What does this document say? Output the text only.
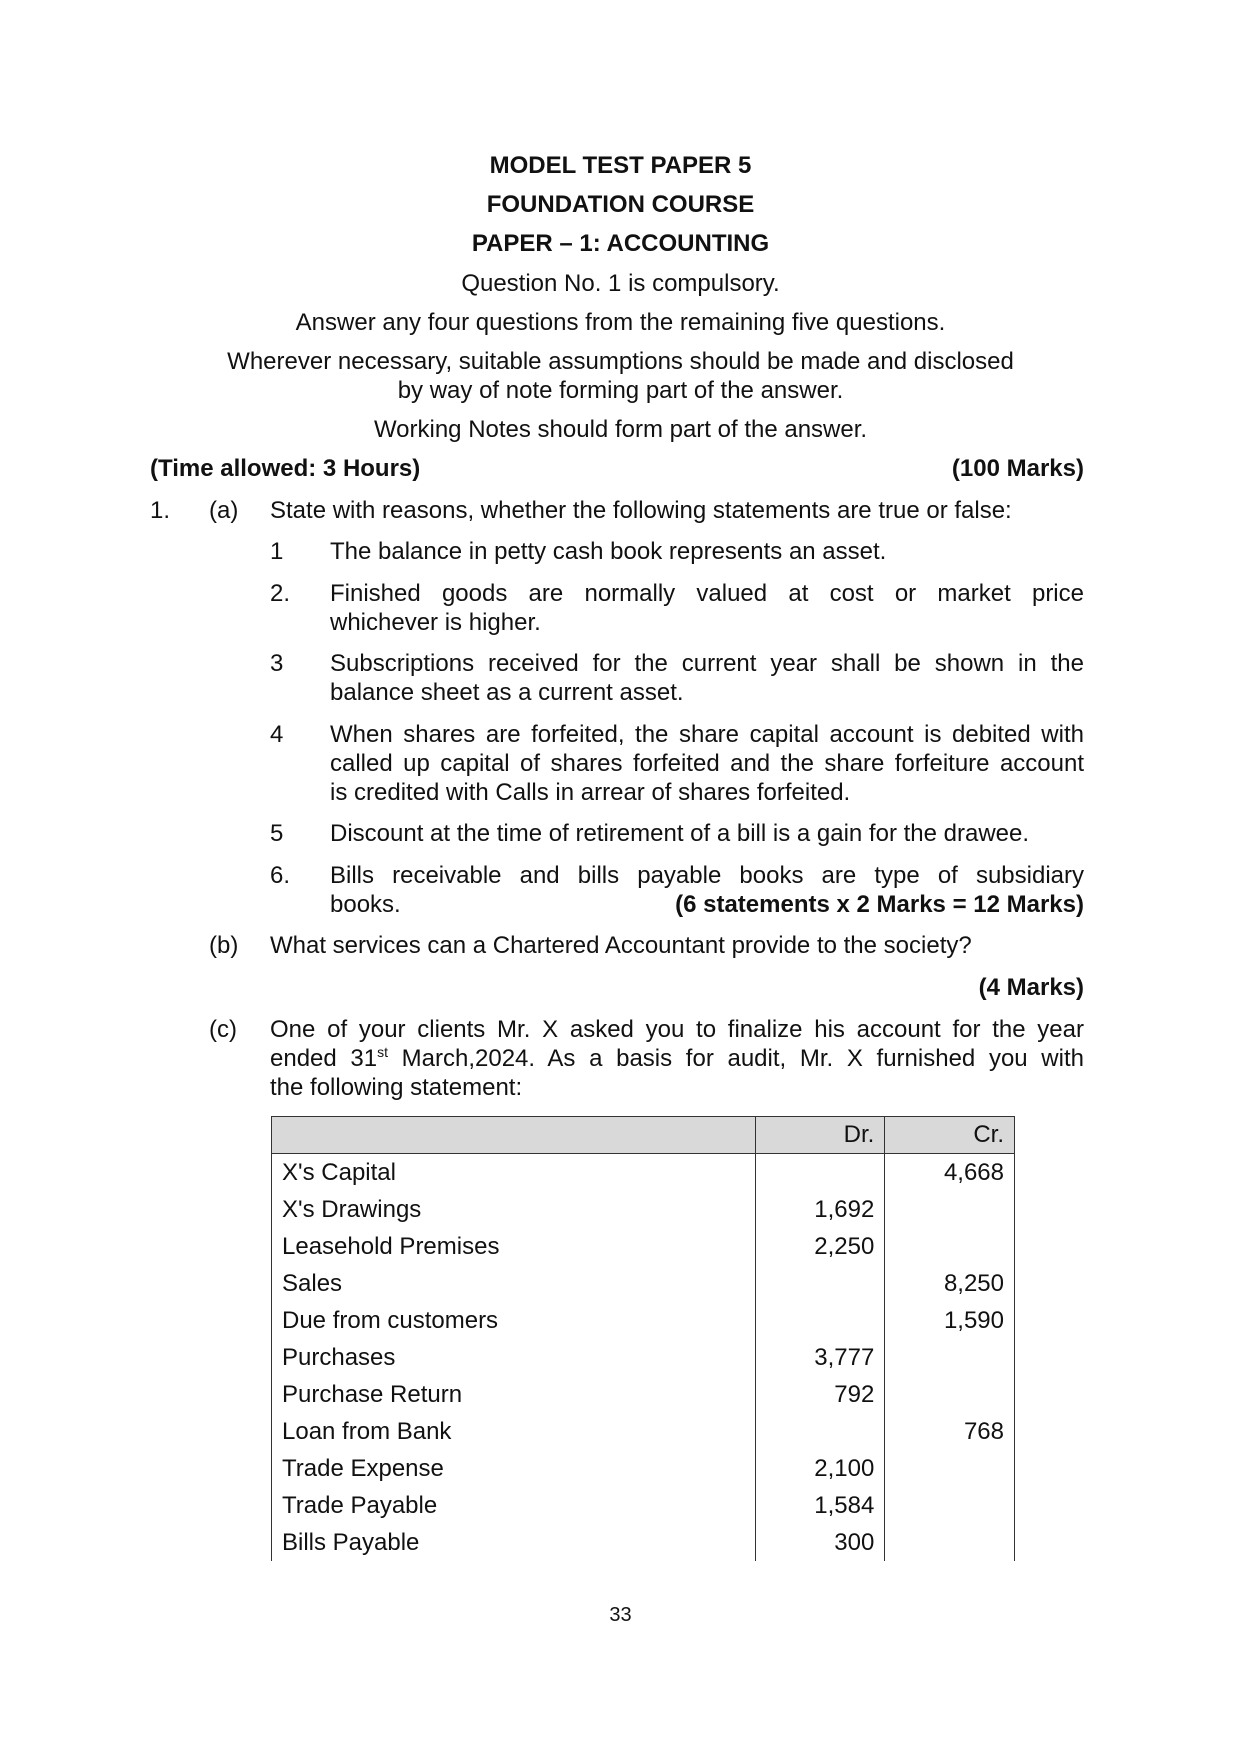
MODEL TEST PAPER 5
FOUNDATION COURSE
PAPER – 1: ACCOUNTING
Question No. 1 is compulsory.
Answer any four questions from the remaining five questions.
Wherever necessary, suitable assumptions should be made and disclosed
by way of note forming part of the answer.
Working Notes should form part of the answer.
(Time allowed: 3 Hours)	(100 Marks)
1. (a) State with reasons, whether the following statements are true or false:
1 The balance in petty cash book represents an asset.
2. Finished goods are normally valued at cost or market price
whichever is higher.
3 Subscriptions received for the current year shall be shown in the
balance sheet as a current asset.
4 When shares are forfeited, the share capital account is debited with
called up capital of shares forfeited and the share forfeiture account
is credited with Calls in arrear of shares forfeited.
5 Discount at the time of retirement of a bill is a gain for the drawee.
6. Bills receivable and bills payable books are type of subsidiary
books.	(6 statements x 2 Marks = 12 Marks)
(b) What services can a Chartered Accountant provide to the society?
(4 Marks)
(c) One of your clients Mr. X asked you to finalize his account for the year
ended 31st March,2024. As a basis for audit, Mr. X furnished you with
the following statement:
	Dr.	Cr.
X's Capital		4,668
X's Drawings	1,692	
Leasehold Premises	2,250	
Sales		8,250
Due from customers		1,590
Purchases	3,777	
Purchase Return	792	
Loan from Bank		768
Trade Expense	2,100	
Trade Payable	1,584	
Bills Payable	300	
33
